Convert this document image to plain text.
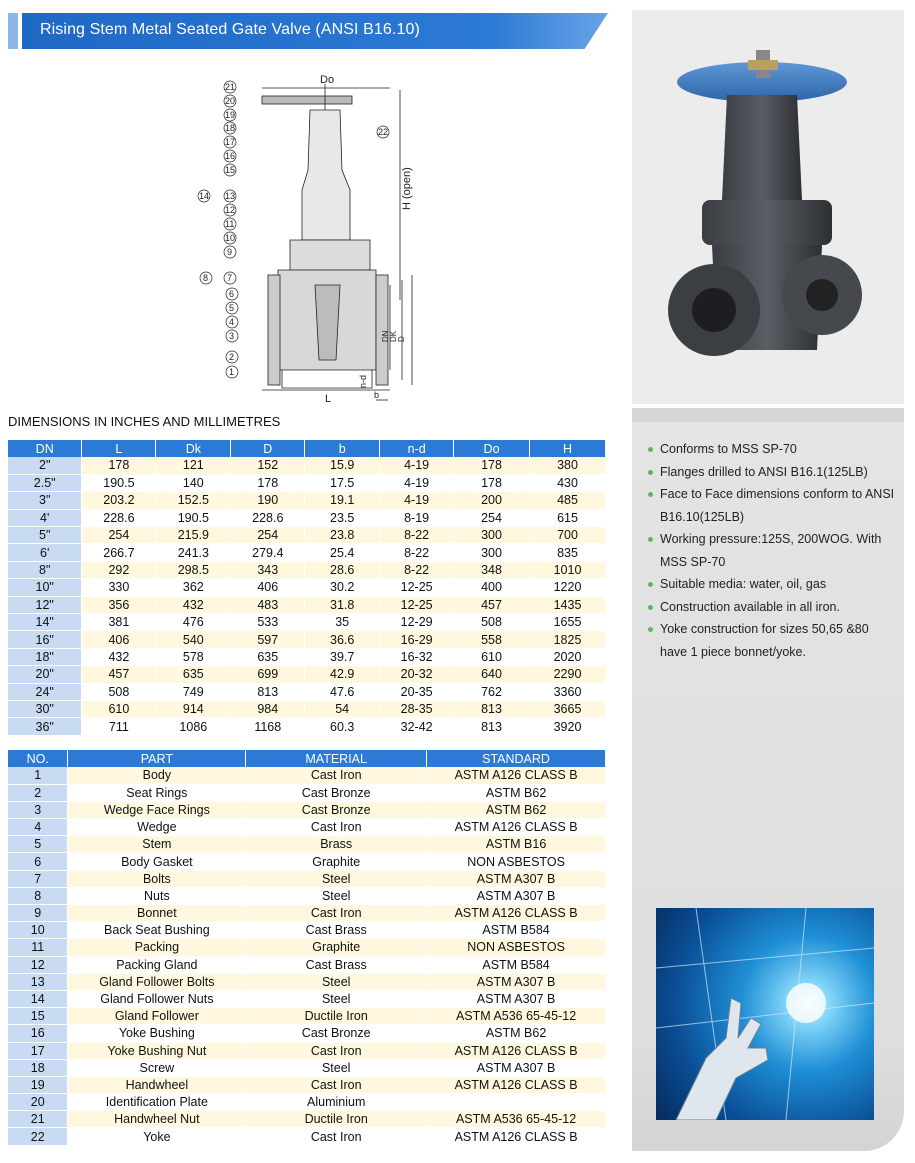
Rising Stem Metal Seated Gate Valve (ANSI B16.10)
21
20
19
18
17
16
15
14 13
12
11
10
9
8 7
6
5
4
3
2
1
22
Do
L	b
H (open)
n-d
DN DK D
DIMENSIONS IN INCHES AND MILLIMETRES
DN	L	Dk	D	b	n-d	Do	H
2"	178	121	152	15.9	4-19	178	380
2.5"	190.5	140	178	17.5	4-19	178	430
3"	203.2	152.5	190	19.1	4-19	200	485
4'	228.6	190.5	228.6	23.5	8-19	254	615
5"	254	215.9	254	23.8	8-22	300	700
6'	266.7	241.3	279.4	25.4	8-22	300	835
8"	292	298.5	343	28.6	8-22	348	1010
10"	330	362	406	30.2	12-25	400	1220
12"	356	432	483	31.8	12-25	457	1435
14"	381	476	533	35	12-29	508	1655
16"	406	540	597	36.6	16-29	558	1825
18"	432	578	635	39.7	16-32	610	2020
20"	457	635	699	42.9	20-32	640	2290
24"	508	749	813	47.6	20-35	762	3360
30"	610	914	984	54	28-35	813	3665
36"	711	1086	1168	60.3	32-42	813	3920
NO.	PART	MATERIAL	STANDARD
1	Body	Cast Iron	ASTM A126 CLASS B
2	Seat Rings	Cast Bronze	ASTM B62
3	Wedge Face Rings	Cast Bronze	ASTM B62
4	Wedge	Cast Iron	ASTM A126 CLASS B
5	Stem	Brass	ASTM B16
6	Body Gasket	Graphite	NON ASBESTOS
7	Bolts	Steel	ASTM A307 B
8	Nuts	Steel	ASTM A307 B
9	Bonnet	Cast Iron	ASTM A126 CLASS B
10	Back Seat Bushing	Cast Brass	ASTM B584
11	Packing	Graphite	NON ASBESTOS
12	Packing Gland	Cast Brass	ASTM B584
13	Gland Follower Bolts	Steel	ASTM A307 B
14	Gland Follower Nuts	Steel	ASTM A307 B
15	Gland Follower	Ductile Iron	ASTM A536 65-45-12
16	Yoke Bushing	Cast Bronze	ASTM B62
17	Yoke Bushing Nut	Cast Iron	ASTM A126 CLASS B
18	Screw	Steel	ASTM A307 B
19	Handwheel	Cast Iron	ASTM A126 CLASS B
20	Identification Plate	Aluminium	
21	Handwheel Nut	Ductile Iron	ASTM A536 65-45-12
22	Yoke	Cast Iron	ASTM A126 CLASS B
Conforms to MSS SP-70
Flanges drilled to ANSI B16.1(125LB)
Face to Face dimensions conform to ANSI B16.10(125LB)
Working pressure:125S, 200WOG. With MSS SP-70
Suitable media: water, oil, gas
Construction available in all iron.
Yoke construction for sizes 50,65 &80 have 1 piece bonnet/yoke.
